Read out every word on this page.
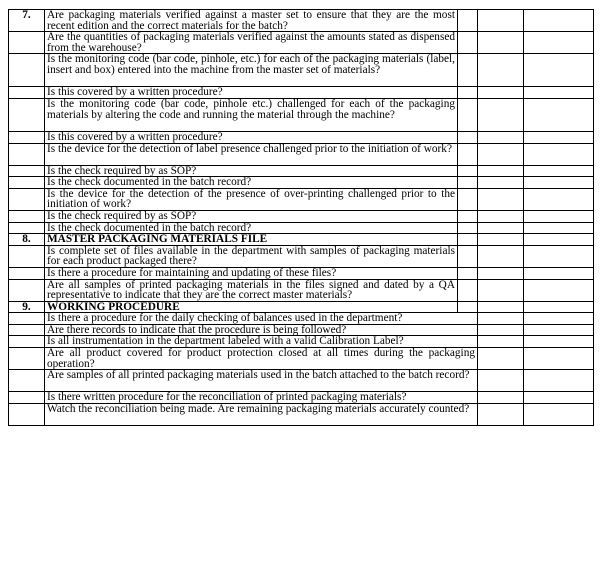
7.	Are packaging materials verified against a master set to ensure that they are the most recent edition and the correct materials for the batch?			
	Are the quantities of packaging materials verified against the amounts stated as dispensed from the warehouse?			
	Is the monitoring code (bar code, pinhole, etc.) for each of the packaging materials (label, insert and box) entered into the machine from the master set of materials?			
	Is this covered by a written procedure?			
	Is the monitoring code (bar code, pinhole etc.) challenged for each of the packaging materials by altering the code and running the material through the machine?			
	Is this covered by a written procedure?			
	Is the device for the detection of label presence challenged prior to the initiation of work?			
	Is the check required by as SOP?			
	Is the check documented in the batch record?			
	Is the device for the detection of the presence of over-printing challenged prior to the initiation of work?			
	Is the check required by as SOP?			
	Is the check documented in the batch record?			
8.	MASTER PACKAGING MATERIALS FILE			
	Is complete set of files available in the department with samples of packaging materials for each product packaged there?			
	Is there a procedure for maintaining and updating of these files?			
	Are all samples of printed packaging materials in the files signed and dated by a QA representative to indicate that they are the correct master materials?			
9.	WORKING PROCEDURE			
	Is there a procedure for the daily checking of balances used in the department?			
	Are there records to indicate that the procedure is being followed?			
	Is all instrumentation in the department labeled with a valid Calibration Label?			
	Are all product covered for product protection closed at all times during the packaging operation?			
	Are samples of all printed packaging materials used in the batch attached to the batch record?			
	Is there written procedure for the reconciliation of printed packaging materials?			
	Watch the reconciliation being made. Are remaining packaging materials accurately counted?			
